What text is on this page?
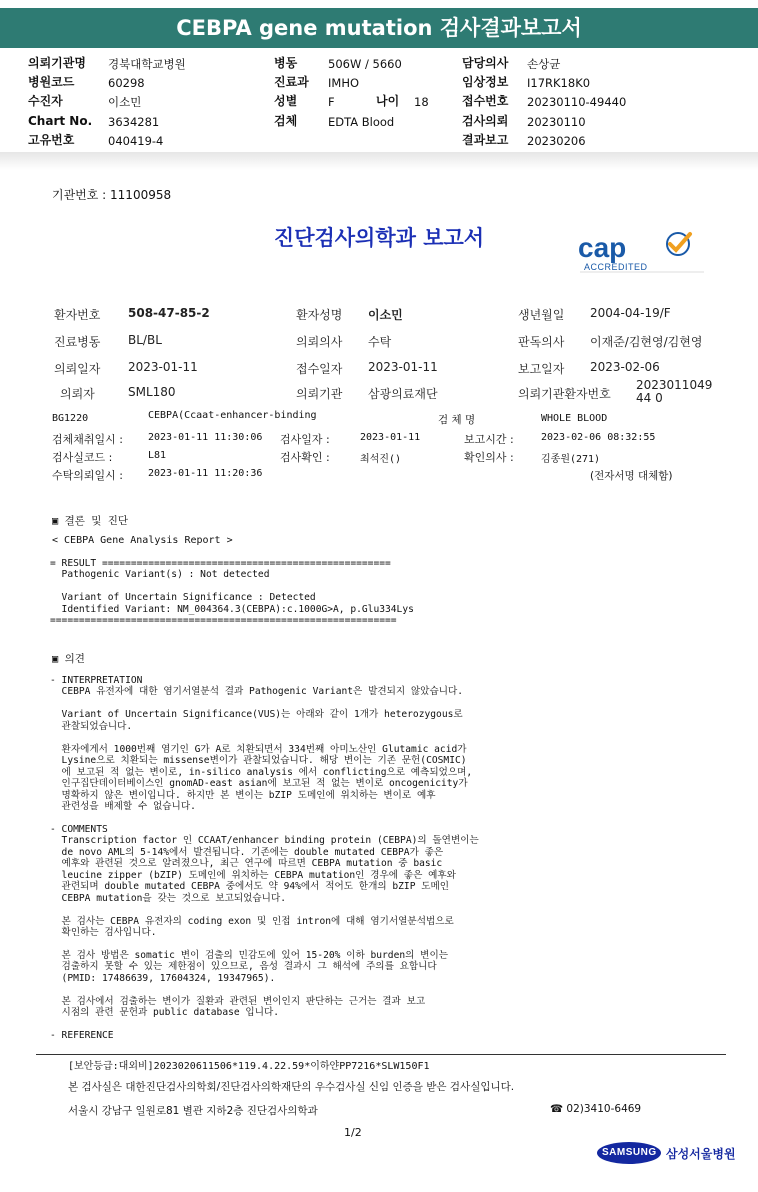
CEBPA gene mutation 검사결과보고서
의뢰기관명 경북대학교병원
병원코드	60298
수진자	이소민
Chart No. 3634281
고유번호	040419-4
병동	506W / 5660
진료과 IMHO
성별	F	나이 18
검체	EDTA Blood
담당의사 손상균
임상정보 I17RK18K0
접수번호 20230110-49440
검사의뢰 20230110
결과보고 20230206
기관번호 : 11100958
진단검사의학과 보고서	cap
ACCREDITED
환자번호 508-47-85-2	환자성명 이소민	생년월일 2004-04-19/F
진료병동 BL/BL	의뢰의사 수탁	판독의사 이재준/김현영/김현영
의뢰일자 2023-01-11	접수일자 2023-01-11	보고일자 2023-02-06
의뢰자	SML180	의뢰기관 삼광의료재단	의뢰기관환자번호
202301104944 0
BG1220	CEBPA(Ccaat-enhancer-binding	검 체 명	WHOLE BLOOD
검체채취일시 :	2023-01-11 11:30:06 검사일자 :	2023-01-11	보고시간 :	2023-02-06 08:32:55
검사실코드 :	L81	검사확인 :	최석진()	확인의사 :	김종원(271)
수탁의뢰일시 :	2023-01-11 11:20:36	(전자서명 대체함)
▣ 결론 및 진단
< CEBPA Gene Analysis Report >
= RESULT ==================================================
Pathogenic Variant(s) : Not detected

Variant of Uncertain Significance : Detected
Identified Variant: NM_004364.3(CEBPA):c.1000G>A, p.Glu334Lys
============================================================
▣ 의견
- INTERPRETATION
CEBPA 유전자에 대한 염기서열분석 결과 Pathogenic Variant은 발견되지 않았습니다.

Variant of Uncertain Significance(VUS)는 아래와 같이 1개가 heterozygous로
관찰되었습니다.

환자에게서 1000번째 염기인 G가 A로 치환되면서 334번째 아미노산인 Glutamic acid가
Lysine으로 치환되는 missense변이가 관찰되었습니다. 해당 변이는 기존 문헌(COSMIC)
에 보고된 적 없는 변이로, in-silico analysis 에서 conflicting으로 예측되었으며,
인구집단데이터베이스인 gnomAD-east asian에 보고된 적 없는 변이로 oncogenicity가
명확하지 않은 변이입니다. 하지만 본 변이는 bZIP 도메인에 위치하는 변이로 예후
관련성을 배제할 수 없습니다.

- COMMENTS
Transcription factor 인 CCAAT/enhancer binding protein (CEBPA)의 돌연변이는
de novo AML의 5-14%에서 발견됩니다. 기존에는 double mutated CEBPA가 좋은
예후와 관련된 것으로 알려졌으나, 최근 연구에 따르면 CEBPA mutation 중 basic
leucine zipper (bZIP) 도메인에 위치하는 CEBPA mutation인 경우에 좋은 예후와
관련되며 double mutated CEBPA 중에서도 약 94%에서 적어도 한개의 bZIP 도메인
CEBPA mutation을 갖는 것으로 보고되었습니다.

본 검사는 CEBPA 유전자의 coding exon 및 인접 intron에 대해 염기서열분석법으로
확인하는 검사입니다.

본 검사 방법은 somatic 변이 검출의 민감도에 있어 15-20% 이하 burden의 변이는
검출하지 못할 수 있는 제한점이 있으므로, 음성 결과시 그 해석에 주의를 요합니다
(PMID: 17486639, 17604324, 19347965).

본 검사에서 검출하는 변이가 질환과 관련된 변이인지 판단하는 근거는 결과 보고
시점의 관련 문헌과 public database 입니다.

- REFERENCE
[보안등급:대외비]2023020611506*119.4.22.59*이하얀PP7216*SLW150F1
본 검사실은 대한진단검사의학회/진단검사의학재단의 우수검사실 신임 인증을 받은 검사실입니다.
서울시 강남구 일원로81 별관 지하2층 진단검사의학과	☎ 02)3410-6469
1/2
SAMSUNG 삼성서울병원
